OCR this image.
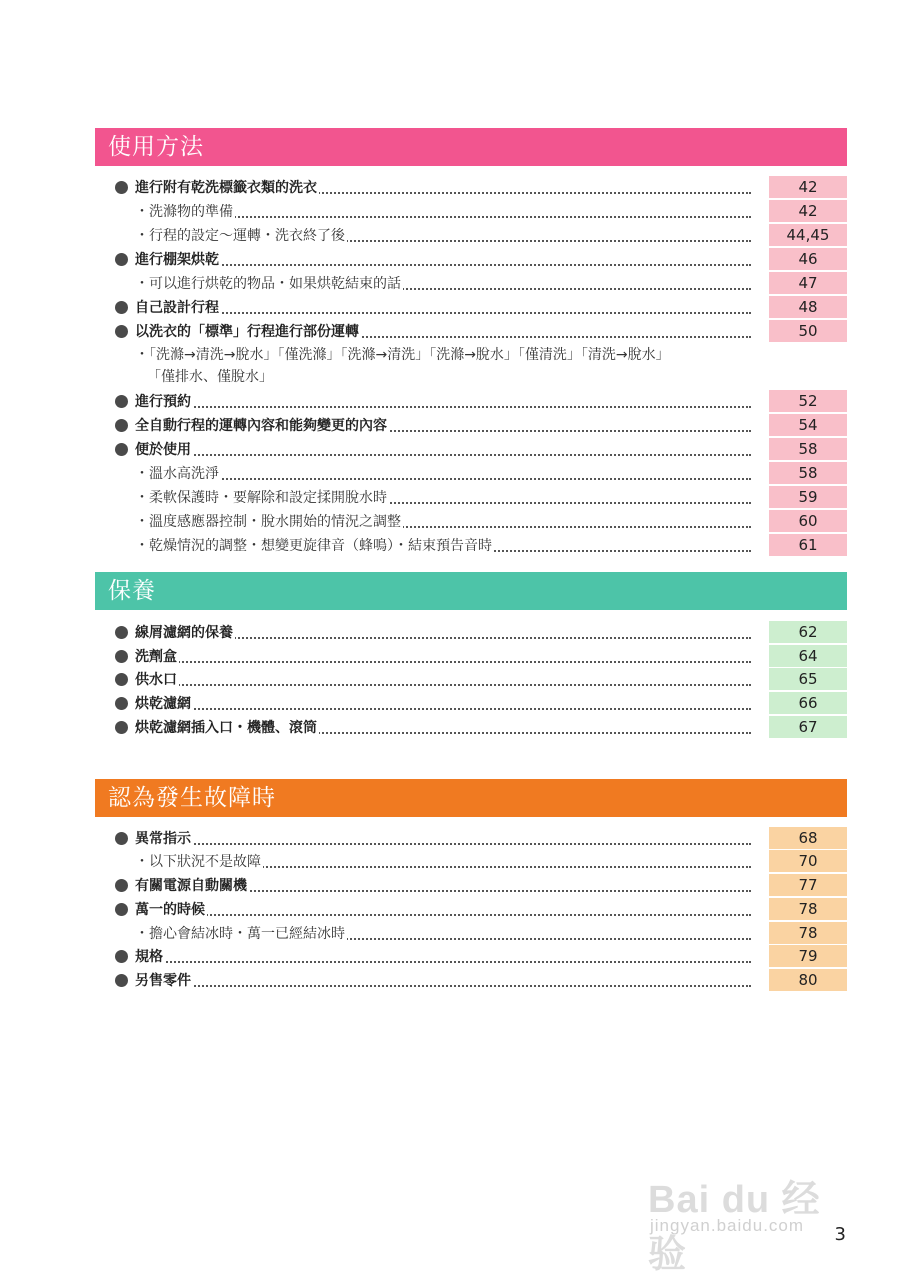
使用方法
進行附有乾洗標籤衣類的洗衣	42
・洗滌物的準備	42
・行程的設定～運轉・洗衣終了後	44,45
進行棚架烘乾	46
・可以進行烘乾的物品・如果烘乾結束的話	47
自己設計行程	48
以洗衣的「標準」行程進行部份運轉	50
進行預約	52
全自動行程的運轉內容和能夠變更的內容	54
便於使用	58
・溫水高洗淨	58
・柔軟保護時・要解除和設定揉開脫水時	59
・溫度感應器控制・脫水開始的情況之調整	60
・乾燥情況的調整・想變更旋律音（蜂鳴）・結束預告音時	61
・「洗滌→清洗→脫水」「僅洗滌」「洗滌→清洗」「洗滌→脫水」「僅清洗」「清洗→脫水」
「僅排水、僅脫水」
保養
線屑濾網的保養	62
洗劑盒	64
供水口	65
烘乾濾網	66
烘乾濾網插入口・機體、滾筒	67
認為發生故障時
異常指示	68
・以下狀況不是故障	70
有關電源自動關機	77
萬一的時候	78
・擔心會結冰時・萬一已經結冰時	78
規格	79
另售零件	80
Bai du 经验
jingyan.baidu.com 3
